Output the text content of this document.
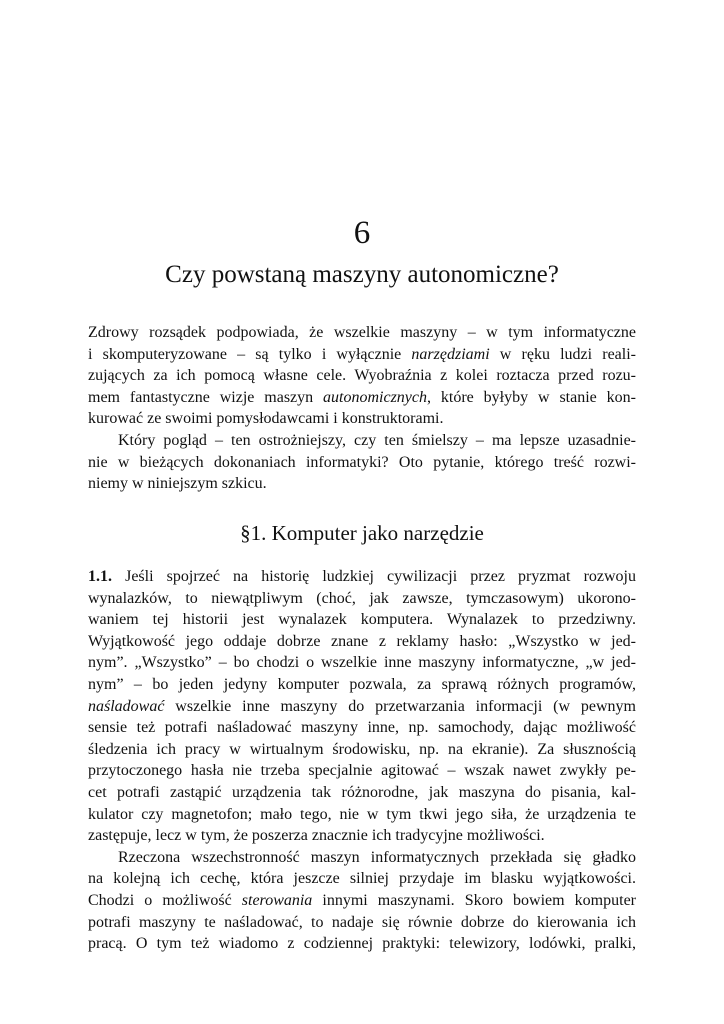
6
Czy powstaną maszyny autonomiczne?
Zdrowy rozsądek podpowiada, że wszelkie maszyny – w tym informatyczne
i skomputeryzowane – są tylko i wyłącznie narzędziami w ręku ludzi reali-
zujących za ich pomocą własne cele. Wyobraźnia z kolei roztacza przed rozu-
mem fantastyczne wizje maszyn autonomicznych, które byłyby w stanie kon-
kurować ze swoimi pomysłodawcami i konstruktorami.
Który pogląd – ten ostrożniejszy, czy ten śmielszy – ma lepsze uzasadnie-
nie w bieżących dokonaniach informatyki? Oto pytanie, którego treść rozwi-
niemy w niniejszym szkicu.
§1. Komputer jako narzędzie
1.1. Jeśli spojrzeć na historię ludzkiej cywilizacji przez pryzmat rozwoju
wynalazków, to niewątpliwym (choć, jak zawsze, tymczasowym) ukorono-
waniem tej historii jest wynalazek komputera. Wynalazek to przedziwny.
Wyjątkowość jego oddaje dobrze znane z reklamy hasło: „Wszystko w jed-
nym”. „Wszystko” – bo chodzi o wszelkie inne maszyny informatyczne, „w jed-
nym” – bo jeden jedyny komputer pozwala, za sprawą różnych programów,
naśladować wszelkie inne maszyny do przetwarzania informacji (w pewnym
sensie też potrafi naśladować maszyny inne, np. samochody, dając możliwość
śledzenia ich pracy w wirtualnym środowisku, np. na ekranie). Za słusznością
przytoczonego hasła nie trzeba specjalnie agitować – wszak nawet zwykły pe-
cet potrafi zastąpić urządzenia tak różnorodne, jak maszyna do pisania, kal-
kulator czy magnetofon; mało tego, nie w tym tkwi jego siła, że urządzenia te
zastępuje, lecz w tym, że poszerza znacznie ich tradycyjne możliwości.
Rzeczona wszechstronność maszyn informatycznych przekłada się gładko
na kolejną ich cechę, która jeszcze silniej przydaje im blasku wyjątkowości.
Chodzi o możliwość sterowania innymi maszynami. Skoro bowiem komputer
potrafi maszyny te naśladować, to nadaje się równie dobrze do kierowania ich
pracą. O tym też wiadomo z codziennej praktyki: telewizory, lodówki, pralki,
